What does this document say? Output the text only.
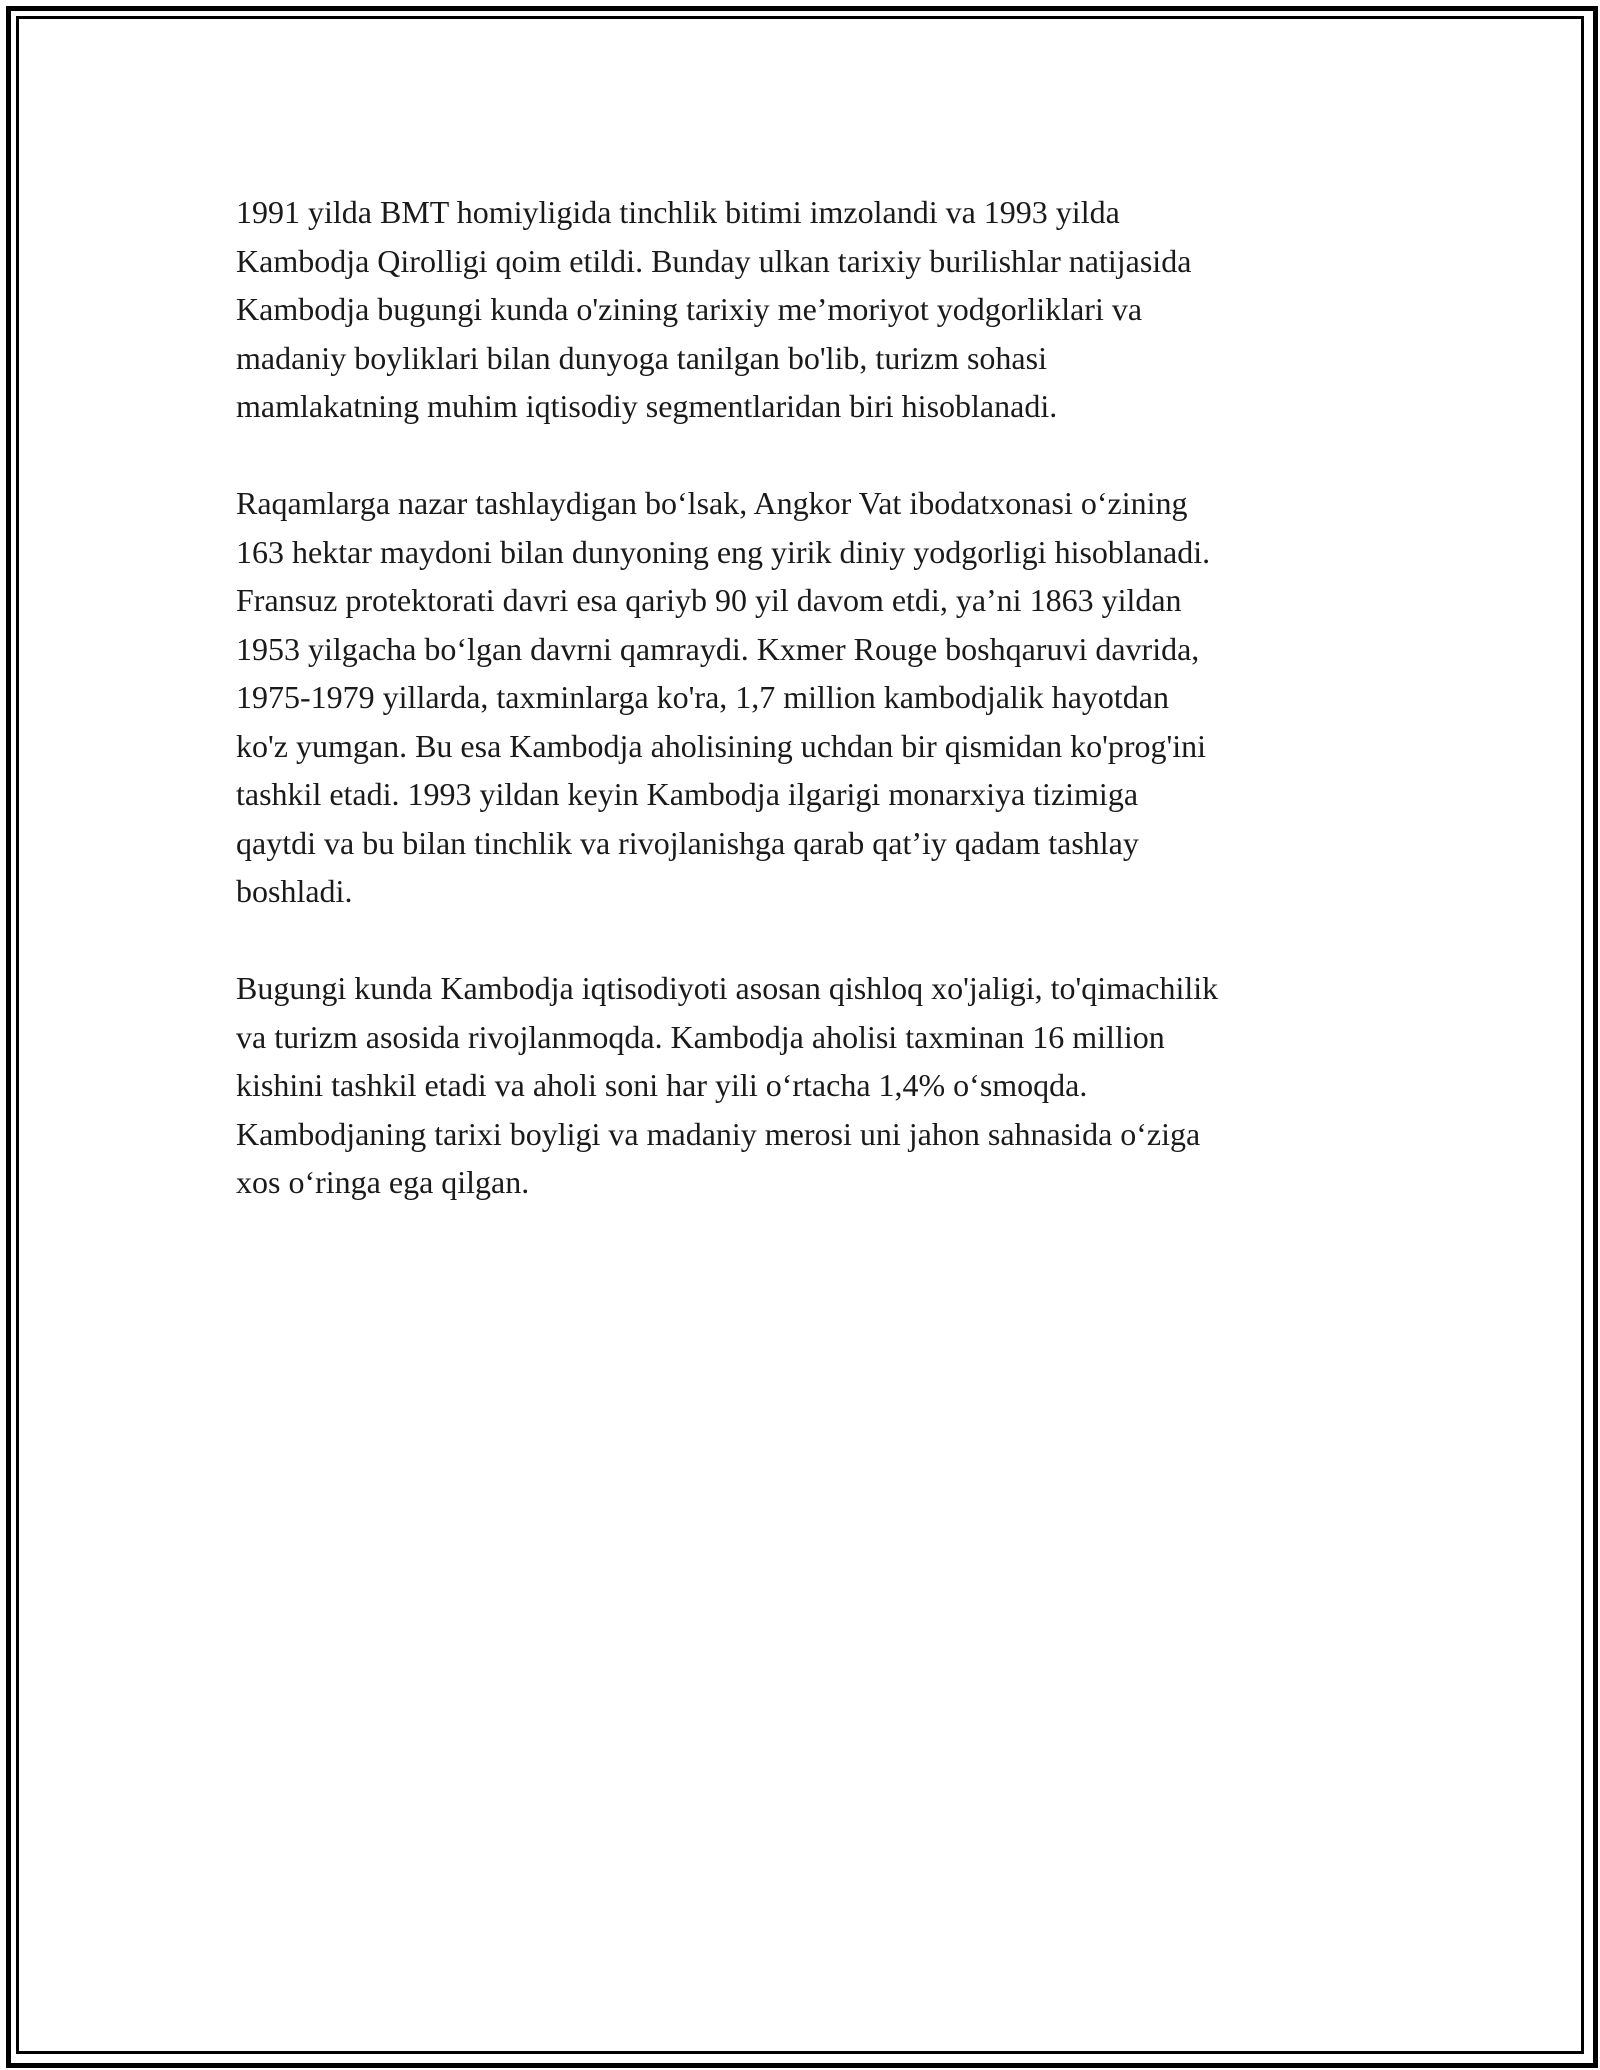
1991 yilda BMT homiyligida tinchlik bitimi imzolandi va 1993 yilda
Kambodja Qirolligi qoim etildi. Bunday ulkan tarixiy burilishlar natijasida
Kambodja bugungi kunda o'zining tarixiy me’moriyot yodgorliklari va
madaniy boyliklari bilan dunyoga tanilgan bo'lib, turizm sohasi
mamlakatning muhim iqtisodiy segmentlaridan biri hisoblanadi.

Raqamlarga nazar tashlaydigan bo‘lsak, Angkor Vat ibodatxonasi o‘zining
163 hektar maydoni bilan dunyoning eng yirik diniy yodgorligi hisoblanadi.
Fransuz protektorati davri esa qariyb 90 yil davom etdi, ya’ni 1863 yildan
1953 yilgacha bo‘lgan davrni qamraydi. Kxmer Rouge boshqaruvi davrida,
1975-1979 yillarda, taxminlarga ko'ra, 1,7 million kambodjalik hayotdan
ko'z yumgan. Bu esa Kambodja aholisining uchdan bir qismidan ko'prog'ini
tashkil etadi. 1993 yildan keyin Kambodja ilgarigi monarxiya tizimiga
qaytdi va bu bilan tinchlik va rivojlanishga qarab qat’iy qadam tashlay
boshladi.

Bugungi kunda Kambodja iqtisodiyoti asosan qishloq xo'jaligi, to'qimachilik
va turizm asosida rivojlanmoqda. Kambodja aholisi taxminan 16 million
kishini tashkil etadi va aholi soni har yili o‘rtacha 1,4% o‘smoqda.
Kambodjaning tarixi boyligi va madaniy merosi uni jahon sahnasida o‘ziga
xos o‘ringa ega qilgan.
